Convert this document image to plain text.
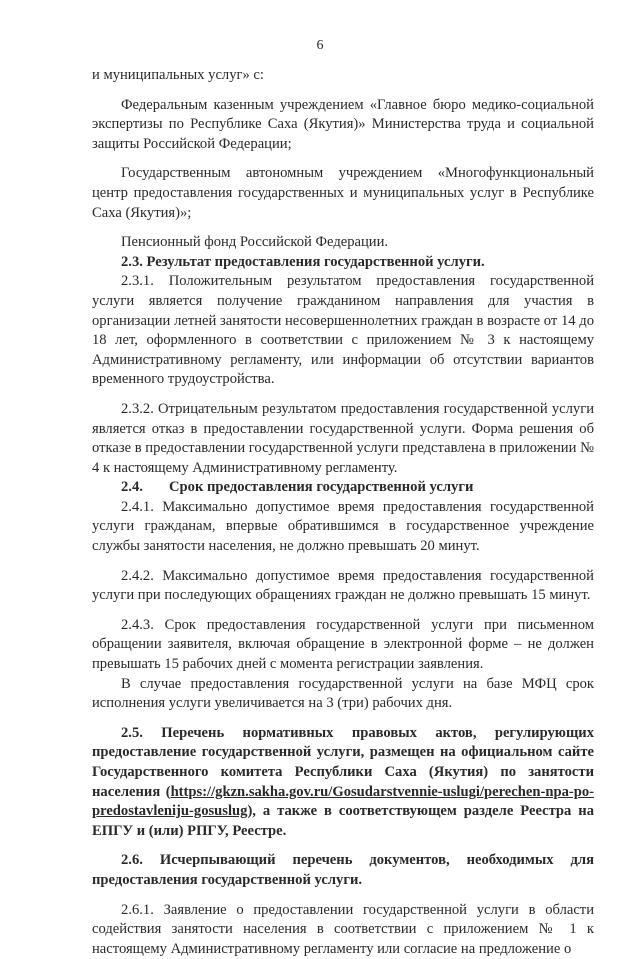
6

и муниципальных услуг» с:

Федеральным казенным учреждением «Главное бюро медико-социальной экспертизы по Республике Саха (Якутия)» Министерства труда и социальной защиты Российской Федерации;

Государственным автономным учреждением «Многофункциональный центр предоставления государственных и муниципальных услуг в Республике Саха (Якутия)»;

Пенсионный фонд Российской Федерации.

2.3. Результат предоставления государственной услуги.

2.3.1. Положительным результатом предоставления государственной услуги является получение гражданином направления для участия в организации летней занятости несовершеннолетних граждан в возрасте от 14 до 18 лет, оформленного в соответствии с приложением № 3 к настоящему Административному регламенту, или информации об отсутствии вариантов временного трудоустройства.

2.3.2. Отрицательным результатом предоставления государственной услуги является отказ в предоставлении государственной услуги. Форма решения об отказе в предоставлении государственной услуги представлена в приложении № 4 к настоящему Административному регламенту.

2.4. Срок предоставления государственной услуги

2.4.1. Максимально допустимое время предоставления государственной услуги гражданам, впервые обратившимся в государственное учреждение службы занятости населения, не должно превышать 20 минут.

2.4.2. Максимально допустимое время предоставления государственной услуги при последующих обращениях граждан не должно превышать 15 минут.

2.4.3. Срок предоставления государственной услуги при письменном обращении заявителя, включая обращение в электронной форме – не должен превышать 15 рабочих дней с момента регистрации заявления.

В случае предоставления государственной услуги на базе МФЦ срок исполнения услуги увеличивается на 3 (три) рабочих дня.

2.5. Перечень нормативных правовых актов, регулирующих предоставление государственной услуги, размещен на официальном сайте Государственного комитета Республики Саха (Якутия) по занятости населения (https://gkzn.sakha.gov.ru/Gosudarstvennie-uslugi/perechen-npa-po-predostavleniju-gosuslug), а также в соответствующем разделе Реестра на ЕПГУ и (или) РПГУ, Реестре.

2.6. Исчерпывающий перечень документов, необходимых для предоставления государственной услуги.

2.6.1. Заявление о предоставлении государственной услуги в области содействия занятости населения в соответствии с приложением № 1 к настоящему Административному регламенту или согласие на предложение о
